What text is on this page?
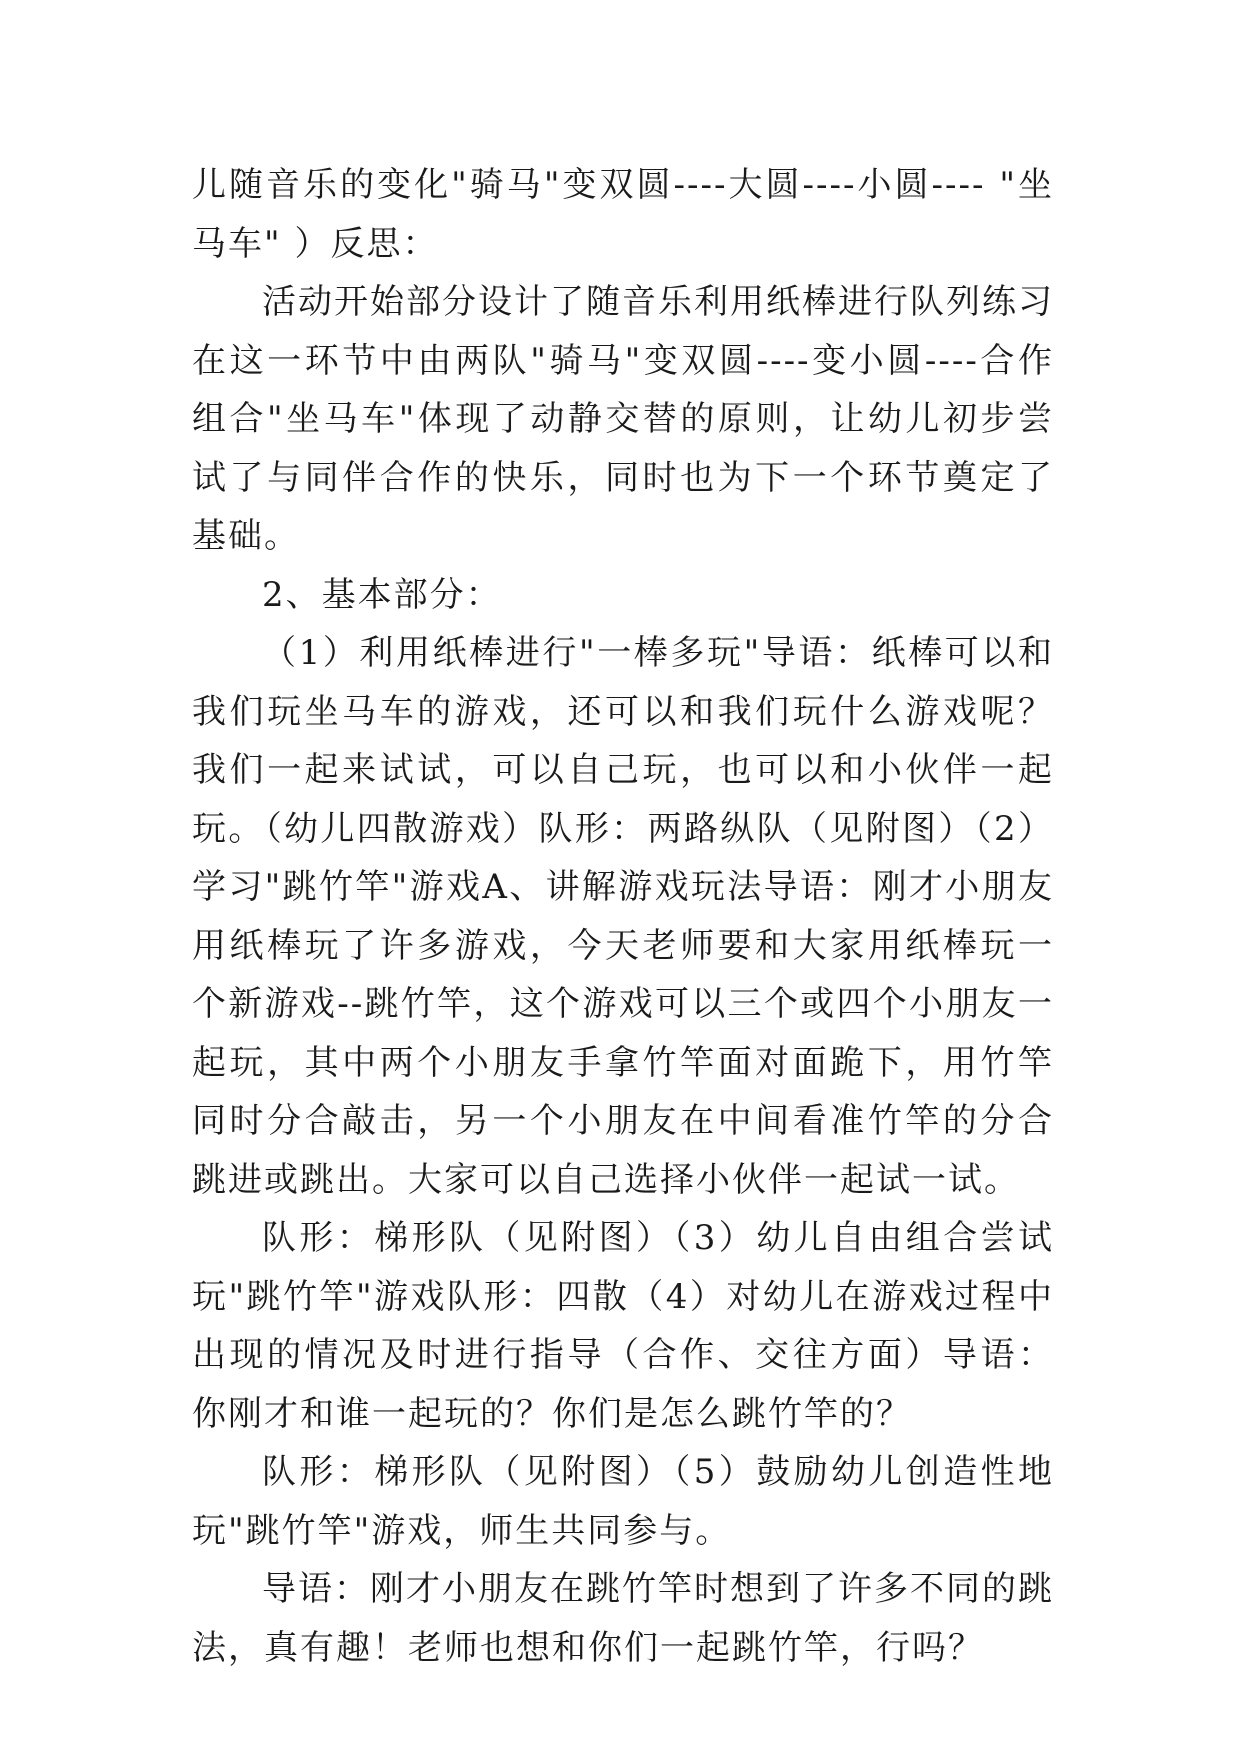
儿随音乐的变化"骑马"变双圆----大圆----小圆---- "坐马车" ）反思：

活动开始部分设计了随音乐利用纸棒进行队列练习在这一环节中由两队"骑马"变双圆----变小圆----合作组合"坐马车"体现了动静交替的原则，让幼儿初步尝试了与同伴合作的快乐，同时也为下一个环节奠定了基础。

2、基本部分：

（1）利用纸棒进行"一棒多玩"导语：纸棒可以和我们玩坐马车的游戏，还可以和我们玩什么游戏呢？我们一起来试试，可以自己玩，也可以和小伙伴一起玩。（幼儿四散游戏）队形：两路纵队（见附图）（2）学习"跳竹竿"游戏A、讲解游戏玩法导语：刚才小朋友用纸棒玩了许多游戏，今天老师要和大家用纸棒玩一个新游戏--跳竹竿，这个游戏可以三个或四个小朋友一起玩，其中两个小朋友手拿竹竿面对面跪下，用竹竿同时分合敲击，另一个小朋友在中间看准竹竿的分合跳进或跳出。大家可以自己选择小伙伴一起试一试。

队形：梯形队（见附图）（3）幼儿自由组合尝试玩"跳竹竿"游戏队形：四散（4）对幼儿在游戏过程中出现的情况及时进行指导（合作、交往方面）导语：你刚才和谁一起玩的？你们是怎么跳竹竿的？

队形：梯形队（见附图）（5）鼓励幼儿创造性地玩"跳竹竿"游戏，师生共同参与。

导语：刚才小朋友在跳竹竿时想到了许多不同的跳法，真有趣！老师也想和你们一起跳竹竿，行吗？
